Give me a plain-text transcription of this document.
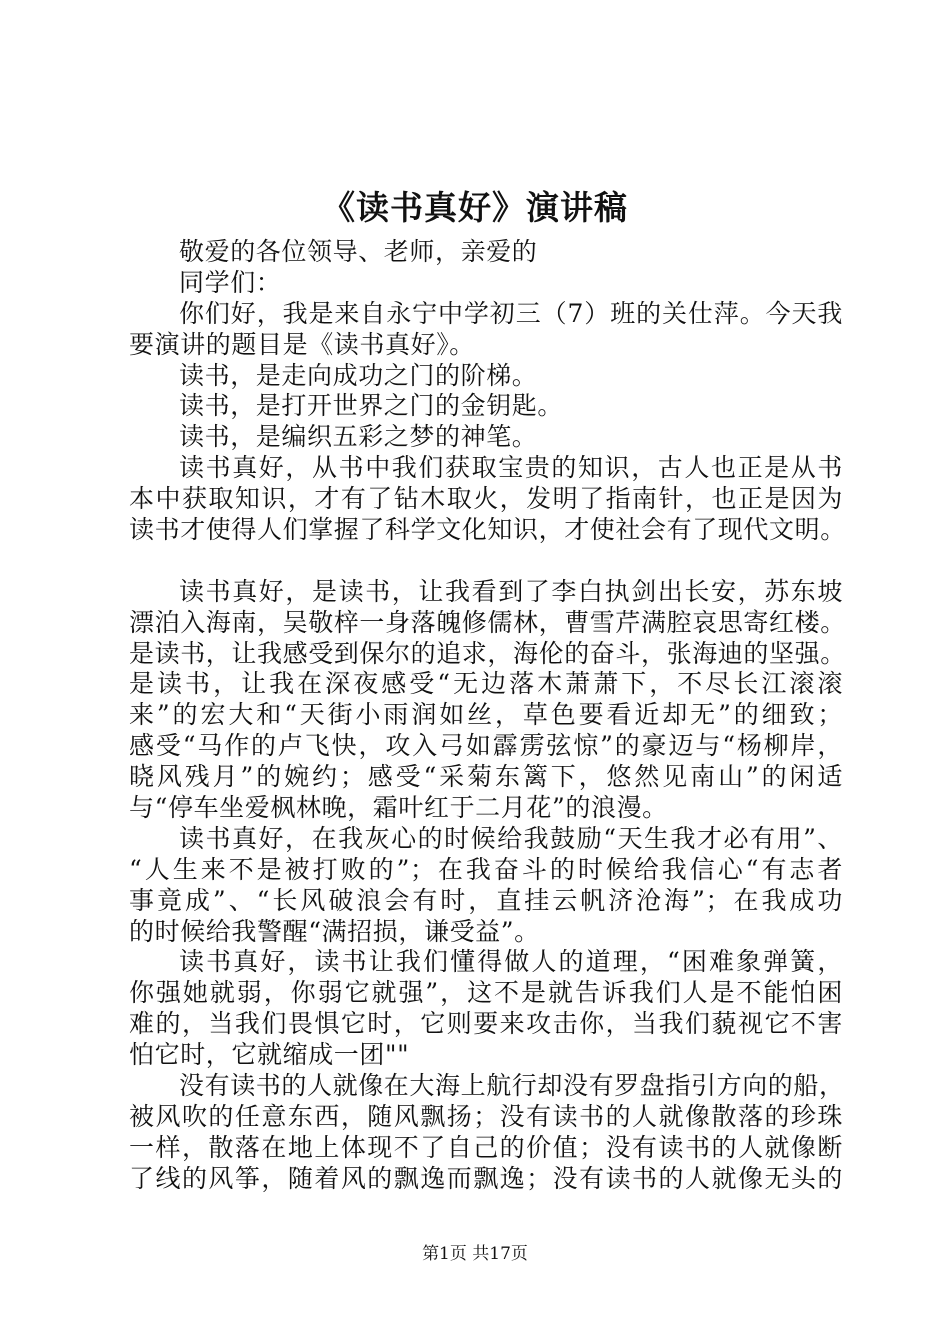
《读书真好》演讲稿
敬爱的各位领导、老师，亲爱的
同学们：
你们好，我是来自永宁中学初三（7）班的关仕萍。今天我
要演讲的题目是《读书真好》。
读书，是走向成功之门的阶梯。
读书，是打开世界之门的金钥匙。
读书，是编织五彩之梦的神笔。
读书真好，从书中我们获取宝贵的知识，古人也正是从书
本中获取知识，才有了钻木取火，发明了指南针，也正是因为
读书才使得人们掌握了科学文化知识，才使社会有了现代文明。
读书真好，是读书，让我看到了李白执剑出长安，苏东坡
漂泊入海南，吴敬梓一身落魄修儒林，曹雪芹满腔哀思寄红楼。
是读书，让我感受到保尔的追求，海伦的奋斗，张海迪的坚强。
是读书，让我在深夜感受“无边落木萧萧下，不尽长江滚滚
来”的宏大和“天街小雨润如丝，草色要看近却无”的细致；
感受“马作的卢飞快，攻入弓如霹雳弦惊”的豪迈与“杨柳岸，
晓风残月”的婉约；感受“采菊东篱下，悠然见南山”的闲适
与“停车坐爱枫林晚，霜叶红于二月花”的浪漫。
读书真好，在我灰心的时候给我鼓励“天生我才必有用”、
“人生来不是被打败的”；在我奋斗的时候给我信心“有志者
事竟成”、“长风破浪会有时，直挂云帆济沧海”；在我成功
的时候给我警醒“满招损，谦受益”。
读书真好，读书让我们懂得做人的道理，“困难象弹簧，
你强她就弱，你弱它就强”，这不是就告诉我们人是不能怕困
难的，当我们畏惧它时，它则要来攻击你，当我们藐视它不害
怕它时，它就缩成一团""
没有读书的人就像在大海上航行却没有罗盘指引方向的船，
被风吹的任意东西，随风飘扬；没有读书的人就像散落的珍珠
一样，散落在地上体现不了自己的价值；没有读书的人就像断
了线的风筝，随着风的飘逸而飘逸；没有读书的人就像无头的

第1页 共17页
